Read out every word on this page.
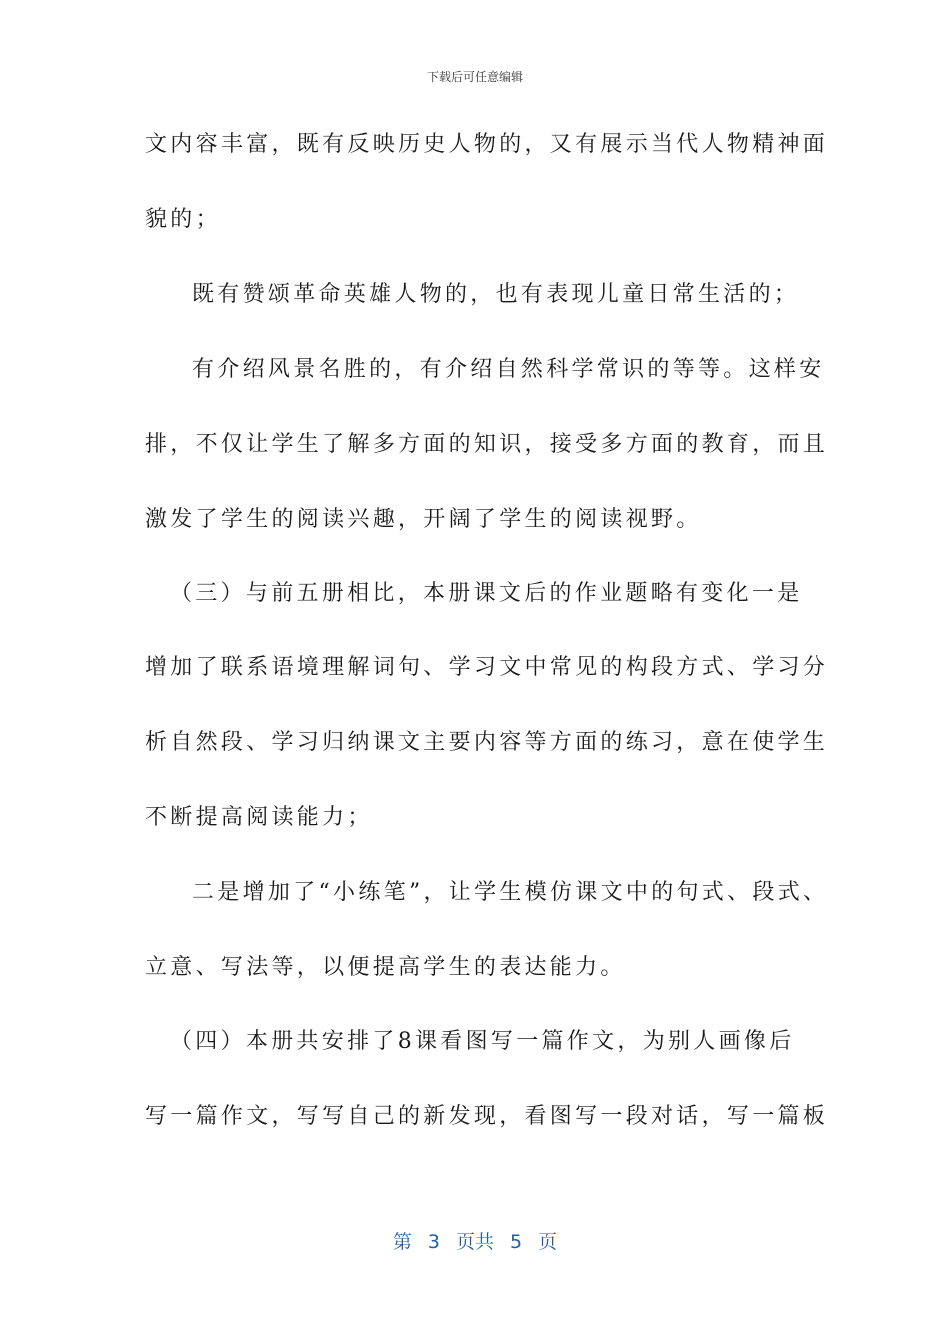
下载后可任意编辑
文内容丰富，既有反映历史人物的，又有展示当代人物精神面
貌的；
既有赞颂革命英雄人物的，也有表现儿童日常生活的；
有介绍风景名胜的，有介绍自然科学常识的等等。这样安
排，不仅让学生了解多方面的知识，接受多方面的教育，而且
激发了学生的阅读兴趣，开阔了学生的阅读视野。
（三）与前五册相比，本册课文后的作业题略有变化一是
增加了联系语境理解词句、学习文中常见的构段方式、学习分
析自然段、学习归纳课文主要内容等方面的练习，意在使学生
不断提高阅读能力；
二是增加了“小练笔”，让学生模仿课文中的句式、段式、
立意、写法等，以便提高学生的表达能力。
（四）本册共安排了8课看图写一篇作文，为别人画像后
写一篇作文，写写自己的新发现，看图写一段对话，写一篇板
第 3 页共 5 页
